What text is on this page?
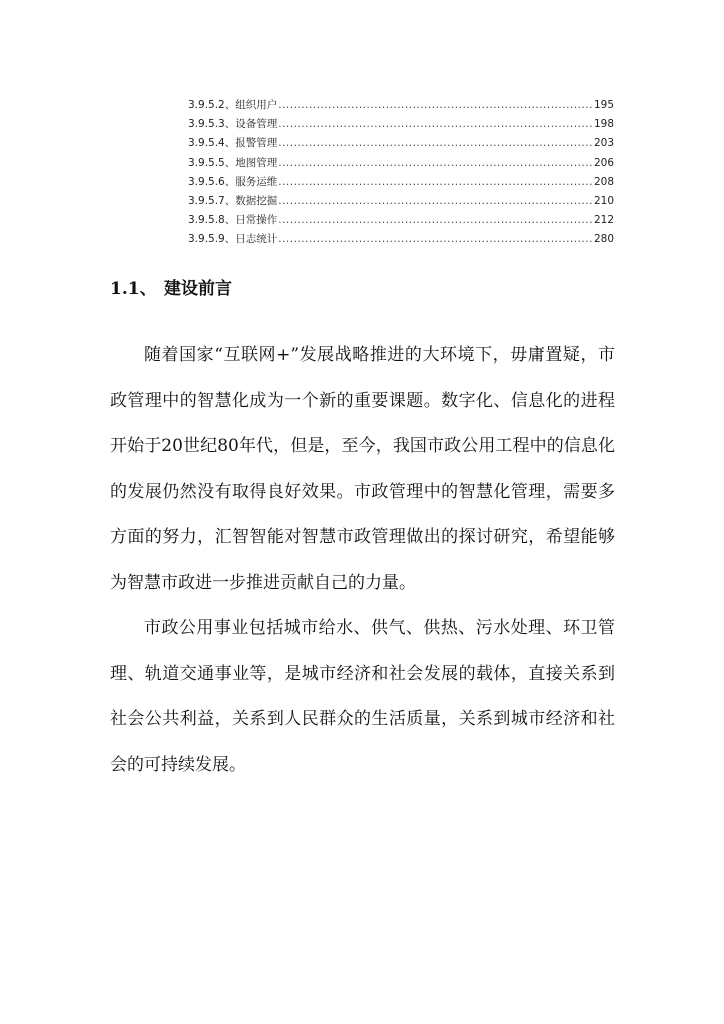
3.9.5.2、 组织用户 .....	195
3.9.5.3、 设备管理 .....	198
3.9.5.4、 报警管理 .....	203
3.9.5.5、 地图管理 .....	206
3.9.5.6、 服务运维 .....	208
3.9.5.7、 数据挖掘 .....	210
3.9.5.8、 日常操作 .....	212
3.9.5.9、 日志统计 .....	280
1.1、 建设前言

随着国家“互联网+”发展战略推进的大环境下，毋庸置疑，市政管理中的智慧化成为一个新的重要课题。数字化、信息化的进程开始于20世纪80年代，但是，至今，我国市政公用工程中的信息化的发展仍然没有取得良好效果。市政管理中的智慧化管理，需要多方面的努力，汇智智能对智慧市政管理做出的探讨研究，希望能够为智慧市政进一步推进贡献自己的力量。

市政公用事业包括城市给水、供气、供热、污水处理、环卫管理、轨道交通事业等，是城市经济和社会发展的载体，直接关系到社会公共利益，关系到人民群众的生活质量，关系到城市经济和社会的可持续发展。
